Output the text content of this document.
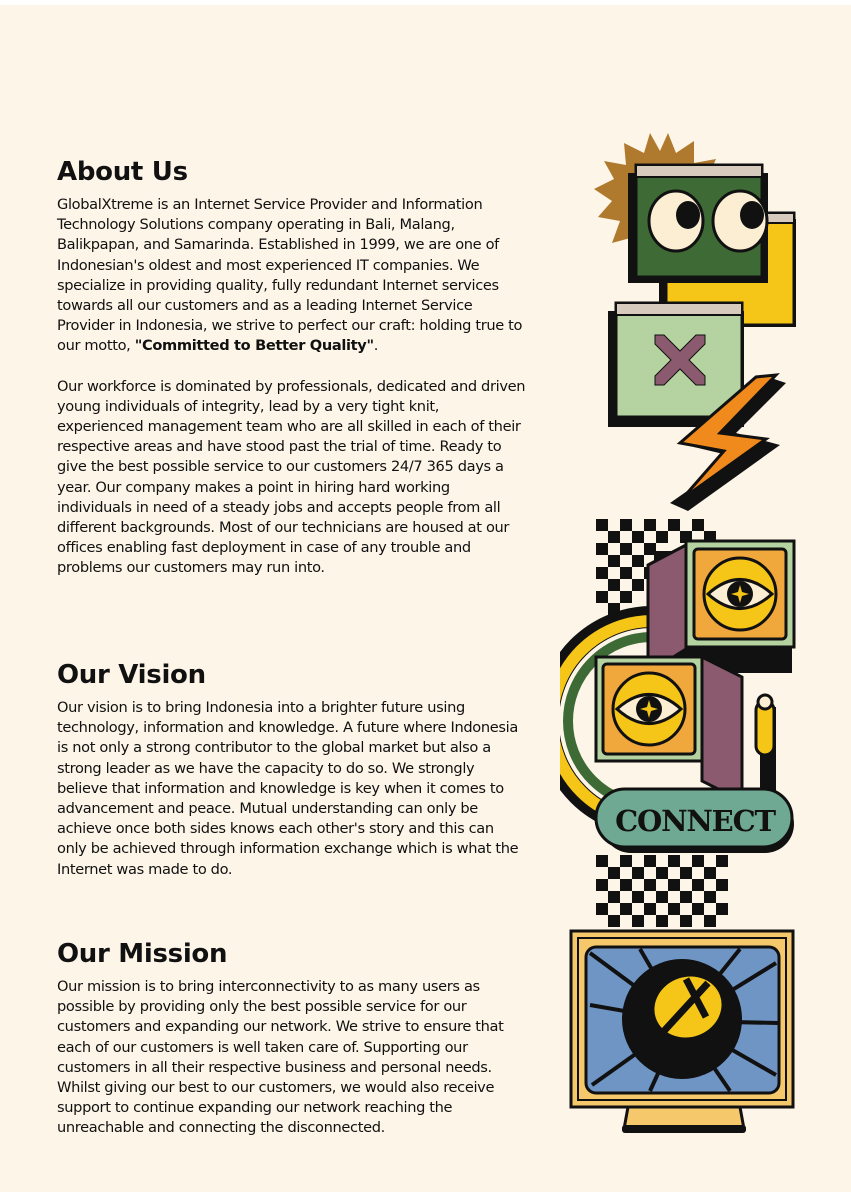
About Us

GlobalXtreme is an Internet Service Provider and Information Technology Solutions company operating in Bali, Malang, Balikpapan, and Samarinda. Established in 1999, we are one of Indonesian's oldest and most experienced IT companies. We specialize in providing quality, fully redundant Internet services towards all our customers and as a leading Internet Service Provider in Indonesia, we strive to perfect our craft: holding true to our motto, "Committed to Better Quality".

Our workforce is dominated by professionals, dedicated and driven young individuals of integrity, lead by a very tight knit, experienced management team who are all skilled in each of their respective areas and have stood past the trial of time. Ready to give the best possible service to our customers 24/7 365 days a year. Our company makes a point in hiring hard working individuals in need of a steady jobs and accepts people from all different backgrounds. Most of our technicians are housed at our offices enabling fast deployment in case of any trouble and problems our customers may run into.

Our Vision

Our vision is to bring Indonesia into a brighter future using technology, information and knowledge. A future where Indonesia is not only a strong contributor to the global market but also a strong leader as we have the capacity to do so. We strongly believe that information and knowledge is key when it comes to advancement and peace. Mutual understanding can only be achieve once both sides knows each other's story and this can only be achieved through information exchange which is what the Internet was made to do.

Our Mission

Our mission is to bring interconnectivity to as many users as possible by providing only the best possible service for our customers and expanding our network. We strive to ensure that each of our customers is well taken care of. Supporting our customers in all their respective business and personal needs. Whilst giving our best to our customers, we would also receive support to continue expanding our network reaching the unreachable and connecting the disconnected.

CONNECT
